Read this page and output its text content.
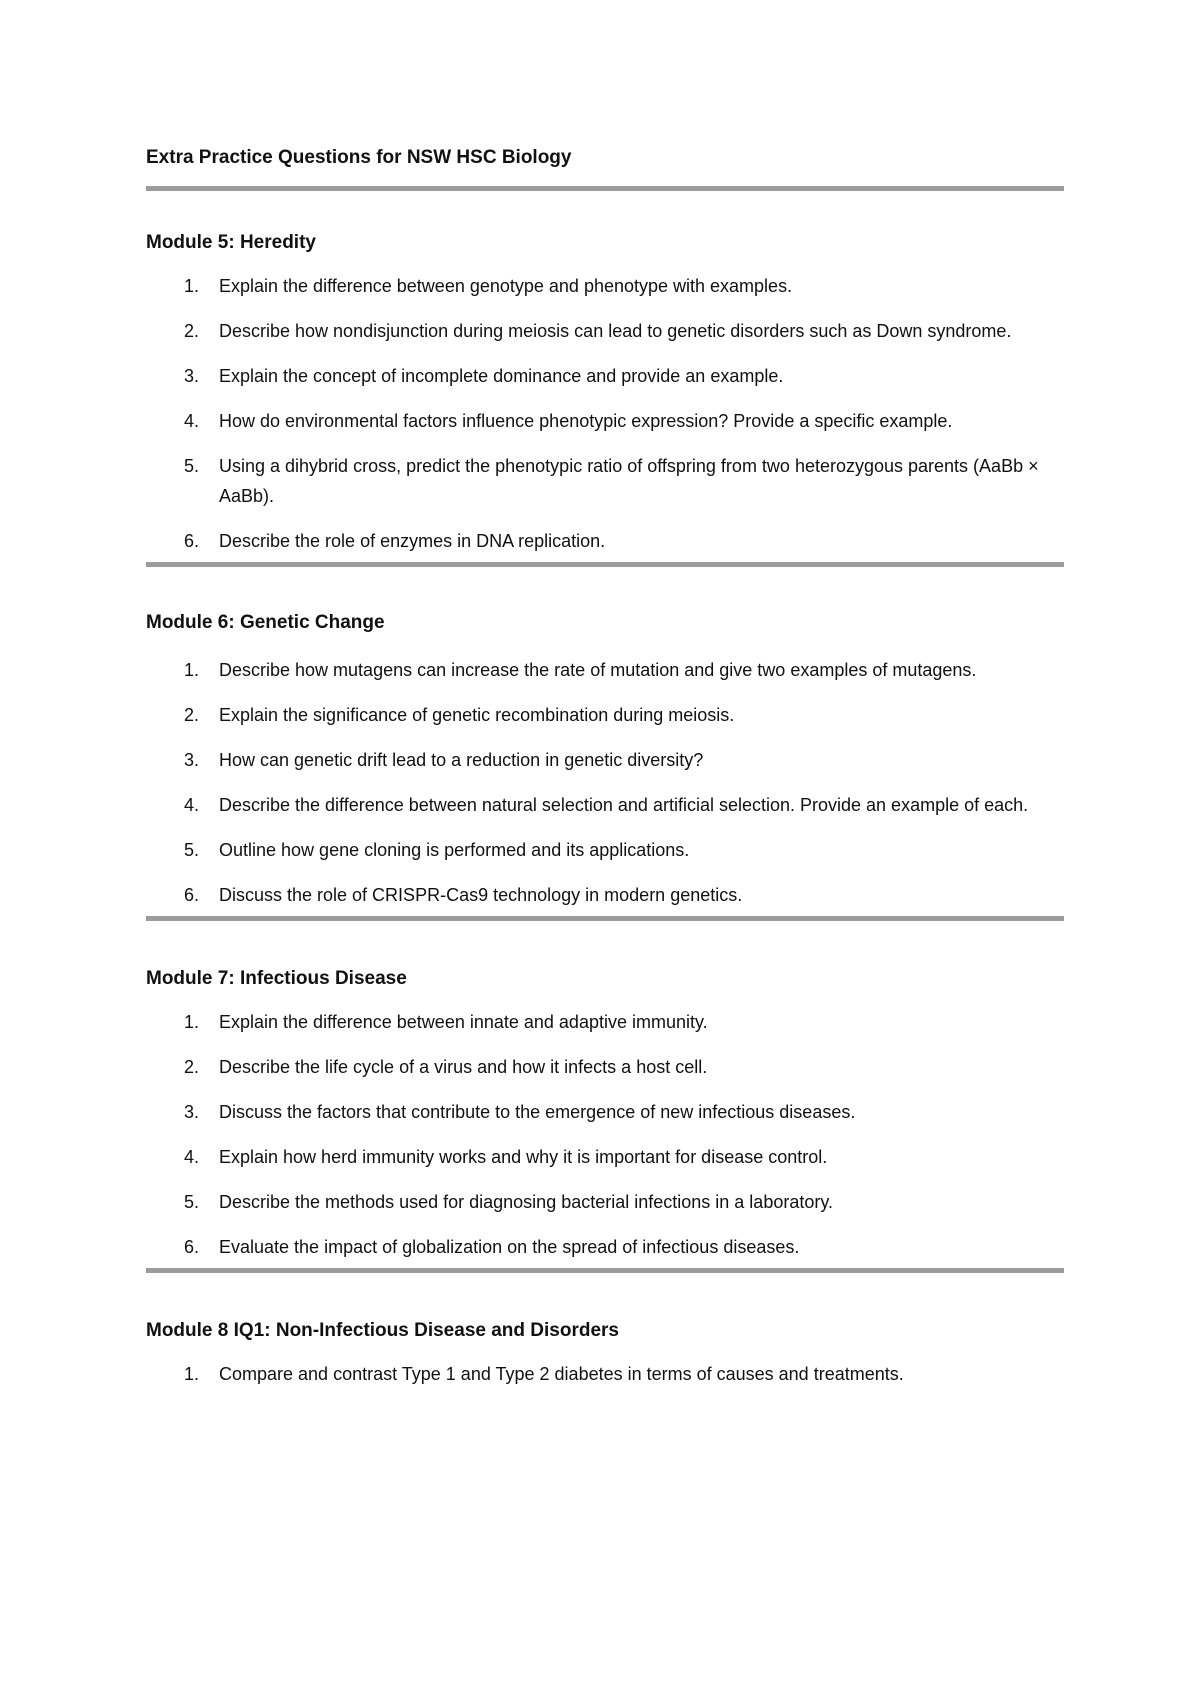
Extra Practice Questions for NSW HSC Biology
Module 5: Heredity
1. Explain the difference between genotype and phenotype with examples.
2. Describe how nondisjunction during meiosis can lead to genetic disorders such as Down syndrome.
3. Explain the concept of incomplete dominance and provide an example.
4. How do environmental factors influence phenotypic expression? Provide a specific example.
5. Using a dihybrid cross, predict the phenotypic ratio of offspring from two heterozygous parents (AaBb × AaBb).
6. Describe the role of enzymes in DNA replication.
Module 6: Genetic Change
1. Describe how mutagens can increase the rate of mutation and give two examples of mutagens.
2. Explain the significance of genetic recombination during meiosis.
3. How can genetic drift lead to a reduction in genetic diversity?
4. Describe the difference between natural selection and artificial selection. Provide an example of each.
5. Outline how gene cloning is performed and its applications.
6. Discuss the role of CRISPR-Cas9 technology in modern genetics.
Module 7: Infectious Disease
1. Explain the difference between innate and adaptive immunity.
2. Describe the life cycle of a virus and how it infects a host cell.
3. Discuss the factors that contribute to the emergence of new infectious diseases.
4. Explain how herd immunity works and why it is important for disease control.
5. Describe the methods used for diagnosing bacterial infections in a laboratory.
6. Evaluate the impact of globalization on the spread of infectious diseases.
Module 8 IQ1: Non-Infectious Disease and Disorders
1. Compare and contrast Type 1 and Type 2 diabetes in terms of causes and treatments.
